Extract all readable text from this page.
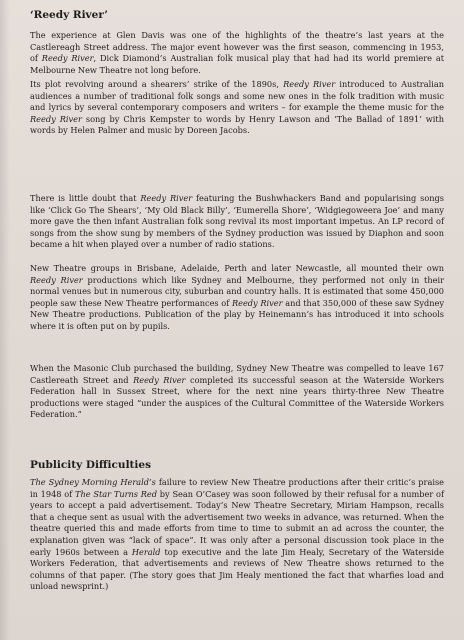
‘Reedy River’

The experience at Glen Davis was one of the highlights of the theatre’s last years at the Castlereagh Street address. The major event however was the first season, commencing in 1953, of Reedy River, Dick Diamond’s Australian folk musical play that had had its world premiere at Melbourne New Theatre not long before.

Its plot revolving around a shearers’ strike of the 1890s, Reedy River introduced to Australian audiences a number of traditional folk songs and some new ones in the folk tradition with music and lyrics by several contemporary composers and writers – for example the theme music for the Reedy River song by Chris Kempster to words by Henry Lawson and ‘The Ballad of 1891’ with words by Helen Palmer and music by Doreen Jacobs.

There is little doubt that Reedy River featuring the Bushwhackers Band and popularising songs like ‘Click Go The Shears’, ‘My Old Black Billy’, ‘Eumerella Shore’, ‘Widgiegoweera Joe’ and many more gave the then infant Australian folk song revival its most important impetus. An LP record of songs from the show sung by members of the Sydney production was issued by Diaphon and soon became a hit when played over a number of radio stations.

New Theatre groups in Brisbane, Adelaide, Perth and later Newcastle, all mounted their own Reedy River productions which like Sydney and Melbourne, they performed not only in their normal venues but in numerous city, suburban and country halls. It is estimated that some 450,000 people saw these New Theatre performances of Reedy River and that 350,000 of these saw Sydney New Theatre productions. Publication of the play by Heinemann’s has introduced it into schools where it is often put on by pupils.

When the Masonic Club purchased the building, Sydney New Theatre was compelled to leave 167 Castlereath Street and Reedy River completed its successful season at the Waterside Workers Federation hall in Sussex Street, where for the next nine years thirty-three New Theatre productions were staged “under the auspices of the Cultural Committee of the Waterside Workers Federation.”

Publicity Difficulties

The Sydney Morning Herald’s failure to review New Theatre productions after their critic’s praise in 1948 of The Star Turns Red by Sean O’Casey was soon followed by their refusal for a number of years to accept a paid advertisement. Today’s New Theatre Secretary, Miriam Hampson, recalls that a cheque sent as usual with the advertisement two weeks in advance, was returned. When the theatre queried this and made efforts from time to time to submit an ad across the counter, the explanation given was “lack of space”. It was only after a personal discussion took place in the early 1960s between a Herald top executive and the late Jim Healy, Secretary of the Waterside Workers Federation, that advertisements and reviews of New Theatre shows returned to the columns of that paper. (The story goes that Jim Healy mentioned the fact that wharfies load and unload newsprint.)
